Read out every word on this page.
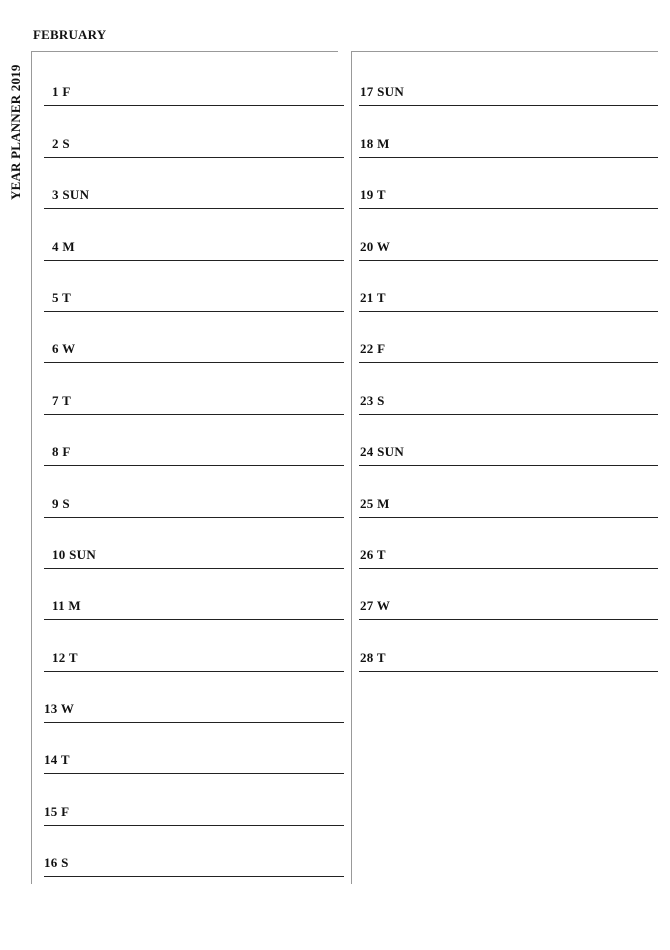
FEBRUARY
YEAR PLANNER 2019 1 F
2 S
3 SUN
4 M
5 T
6 W
7 T
8 F
9 S
10 SUN
11 M
12 T
13 W
14 T
15 F
16 S
17 SUN
18 M
19 T
20 W
21 T
22 F
23 S
24 SUN
25 M
26 T
27 W
28 T
